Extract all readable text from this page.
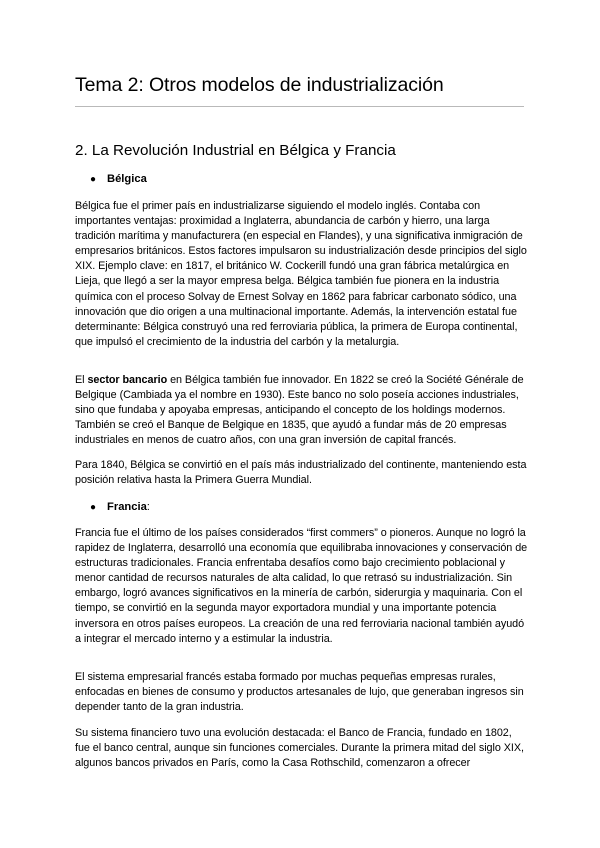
Tema 2: Otros modelos de industrialización
2. La Revolución Industrial en Bélgica y Francia
● Bélgica

Bélgica fue el primer país en industrializarse siguiendo el modelo inglés. Contaba con importantes ventajas: proximidad a Inglaterra, abundancia de carbón y hierro, una larga tradición marítima y manufacturera (en especial en Flandes), y una significativa inmigración de empresarios británicos. Estos factores impulsaron su industrialización desde principios del siglo XIX. Ejemplo clave: en 1817, el británico W. Cockerill fundó una gran fábrica metalúrgica en Lieja, que llegó a ser la mayor empresa belga. Bélgica también fue pionera en la industria química con el proceso Solvay de Ernest Solvay en 1862 para fabricar carbonato sódico, una innovación que dio origen a una multinacional importante. Además, la intervención estatal fue determinante: Bélgica construyó una red ferroviaria pública, la primera de Europa continental, que impulsó el crecimiento de la industria del carbón y la metalurgia.

El sector bancario en Bélgica también fue innovador. En 1822 se creó la Société Générale de Belgique (Cambiada ya el nombre en 1930). Este banco no solo poseía acciones industriales, sino que fundaba y apoyaba empresas, anticipando el concepto de los holdings modernos. También se creó el Banque de Belgique en 1835, que ayudó a fundar más de 20 empresas industriales en menos de cuatro años, con una gran inversión de capital francés.

Para 1840, Bélgica se convirtió en el país más industrializado del continente, manteniendo esta posición relativa hasta la Primera Guerra Mundial.

● Francia :

Francia fue el último de los países considerados “first commers” o pioneros. Aunque no logró la rapidez de Inglaterra, desarrolló una economía que equilibraba innovaciones y conservación de estructuras tradicionales. Francia enfrentaba desafíos como bajo crecimiento poblacional y menor cantidad de recursos naturales de alta calidad, lo que retrasó su industrialización. Sin embargo, logró avances significativos en la minería de carbón, siderurgia y maquinaria. Con el tiempo, se convirtió en la segunda mayor exportadora mundial y una importante potencia inversora en otros países europeos. La creación de una red ferroviaria nacional también ayudó a integrar el mercado interno y a estimular la industria.

El sistema empresarial francés estaba formado por muchas pequeñas empresas rurales, enfocadas en bienes de consumo y productos artesanales de lujo, que generaban ingresos sin depender tanto de la gran industria.

Su sistema financiero tuvo una evolución destacada: el Banco de Francia, fundado en 1802, fue el banco central, aunque sin funciones comerciales. Durante la primera mitad del siglo XIX, algunos bancos privados en París, como la Casa Rothschild, comenzaron a ofrecer
